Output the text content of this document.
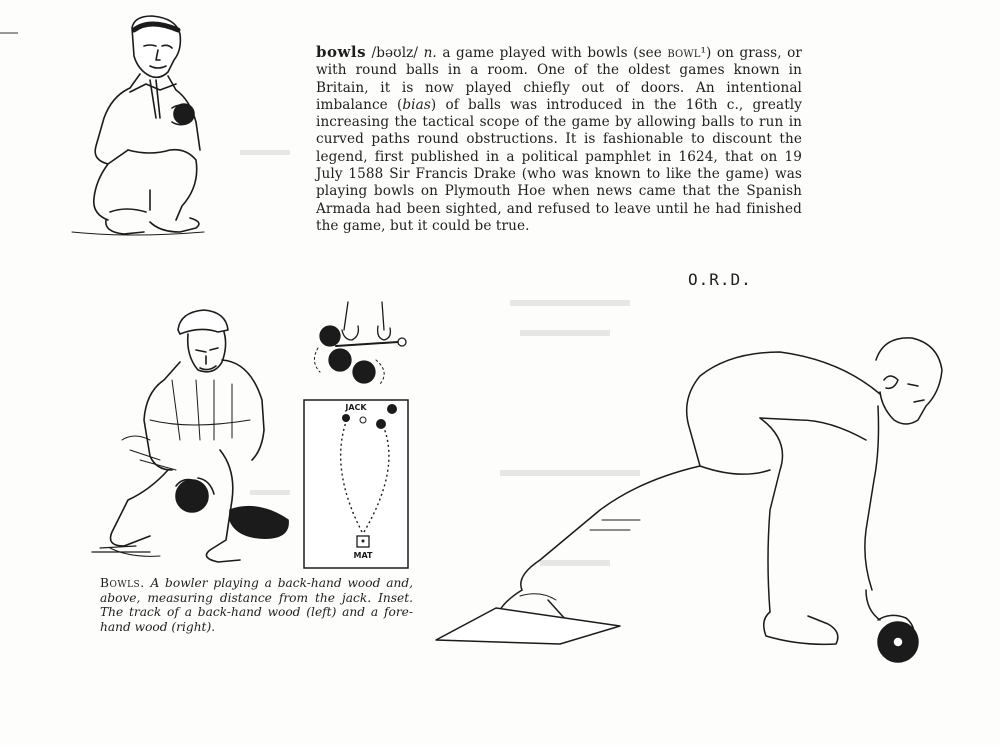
JACK
MAT
bowls /bəʊlz/ n. a game played with bowls (see bowl¹) on grass, or with round balls in a room. One of the oldest games known in Britain, it is now played chiefly out of doors. An intentional imbalance (bias) of balls was introduced in the 16th c., greatly increasing the tactical scope of the game by allowing balls to run in curved paths round obstructions. It is fashionable to discount the legend, first published in a political pamphlet in 1624, that on 19 July 1588 Sir Francis Drake (who was known to like the game) was playing bowls on Plymouth Hoe when news came that the Spanish Armada had been sighted, and refused to leave until he had finished the game, but it could be true.
O.R.D.
Bowls. A bowler playing a back-hand wood and, above, measuring distance from the jack. Inset. The track of a back-hand wood (left) and a fore-hand wood (right).
